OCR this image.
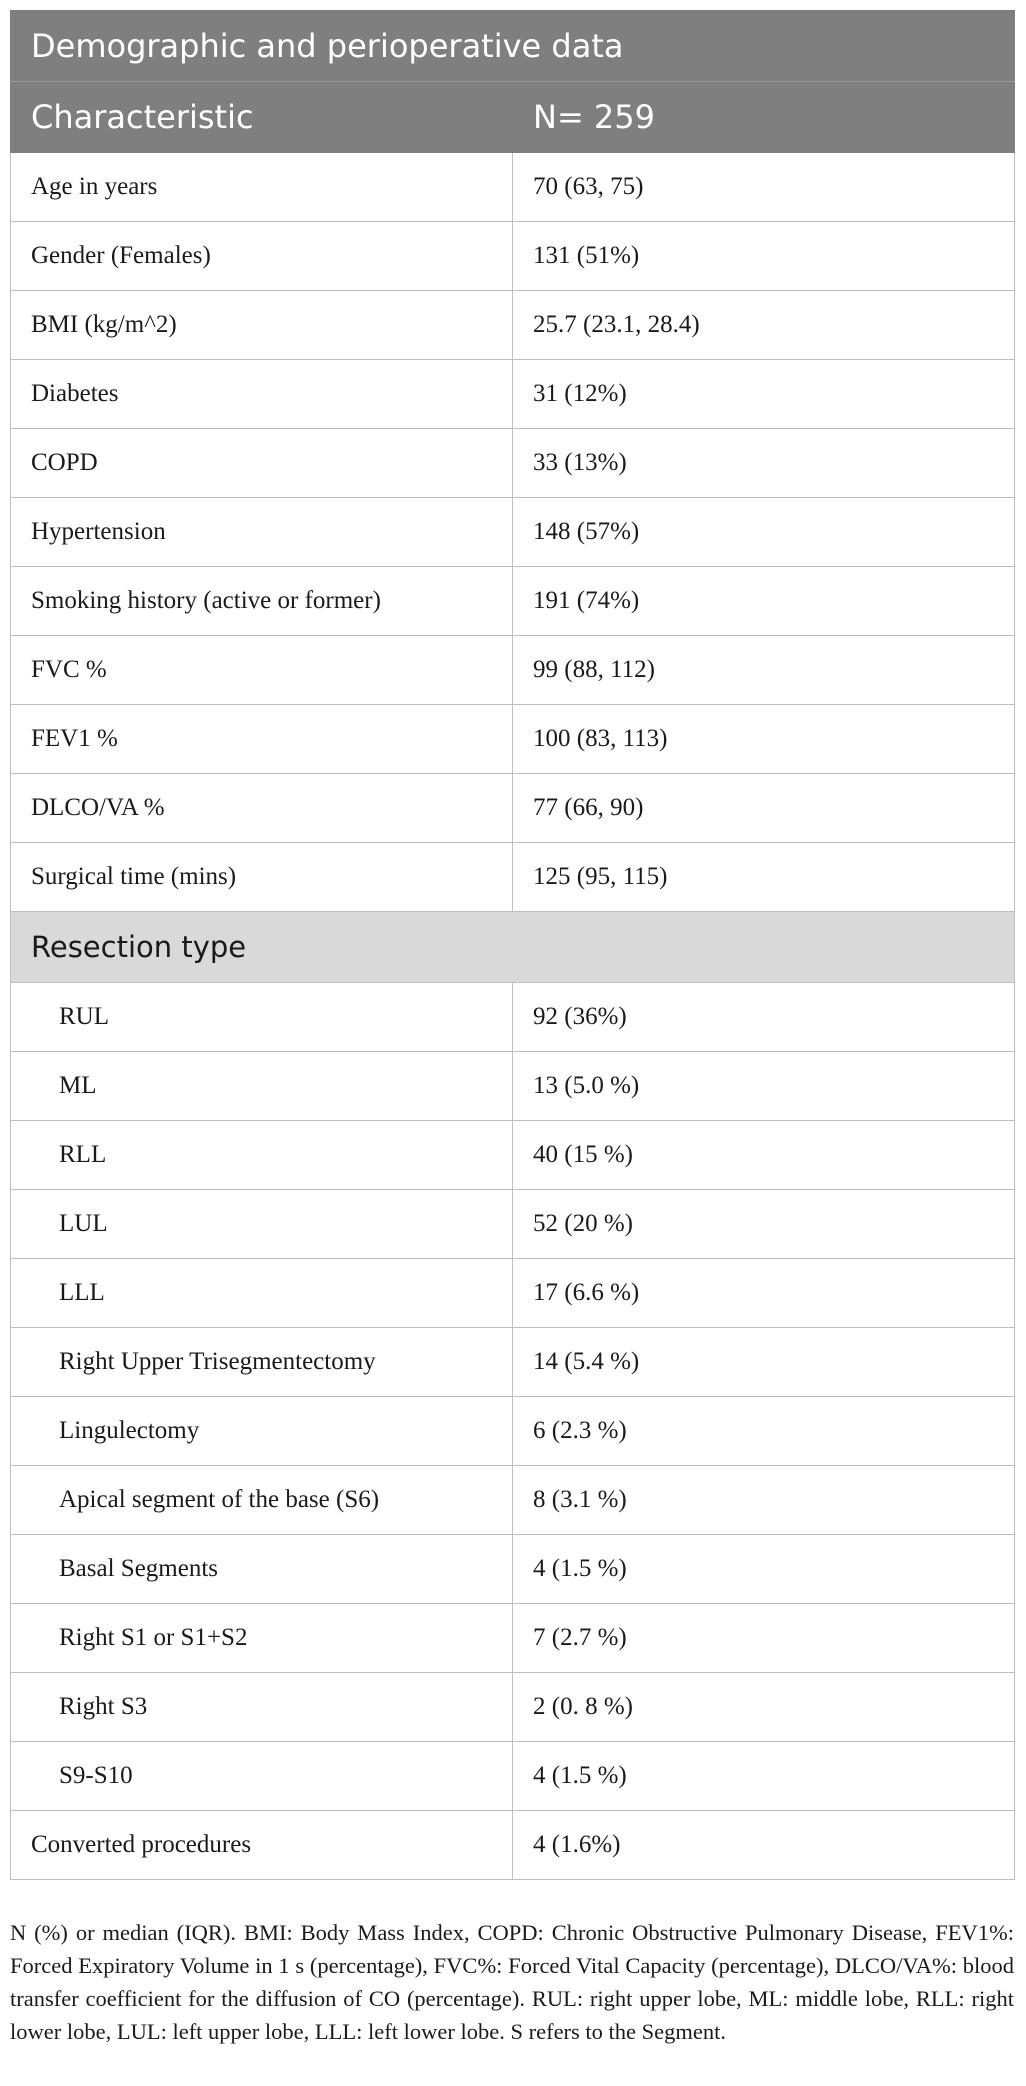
Demographic and perioperative data	
Characteristic	N= 259
Age in years	70 (63, 75)
Gender (Females)	131 (51%)
BMI (kg/m^2)	25.7 (23.1, 28.4)
Diabetes	31 (12%)
COPD	33 (13%)
Hypertension	148 (57%)
Smoking history (active or former)	191 (74%)
FVC %	99 (88, 112)
FEV1 %	100 (83, 113)
DLCO/VA %	77 (66, 90)
Surgical time (mins)	125 (95, 115)
Resection type	
RUL	92 (36%)
ML	13 (5.0 %)
RLL	40 (15 %)
LUL	52 (20 %)
LLL	17 (6.6 %)
Right Upper Trisegmentectomy	14 (5.4 %)
Lingulectomy	6 (2.3 %)
Apical segment of the base (S6)	8 (3.1 %)
Basal Segments	4 (1.5 %)
Right S1 or S1+S2	7 (2.7 %)
Right S3	2 (0. 8 %)
S9-S10	4 (1.5 %)
Converted procedures	4 (1.6%)

N (%) or median (IQR). BMI: Body Mass Index, COPD: Chronic Obstructive Pulmonary Disease, FEV1%: Forced Expiratory Volume in 1 s (percentage), FVC%: Forced Vital Capacity (percentage), DLCO/VA%: blood transfer coefficient for the diffusion of CO (percentage). RUL: right upper lobe, ML: middle lobe, RLL: right lower lobe, LUL: left upper lobe, LLL: left lower lobe. S refers to the Segment.
